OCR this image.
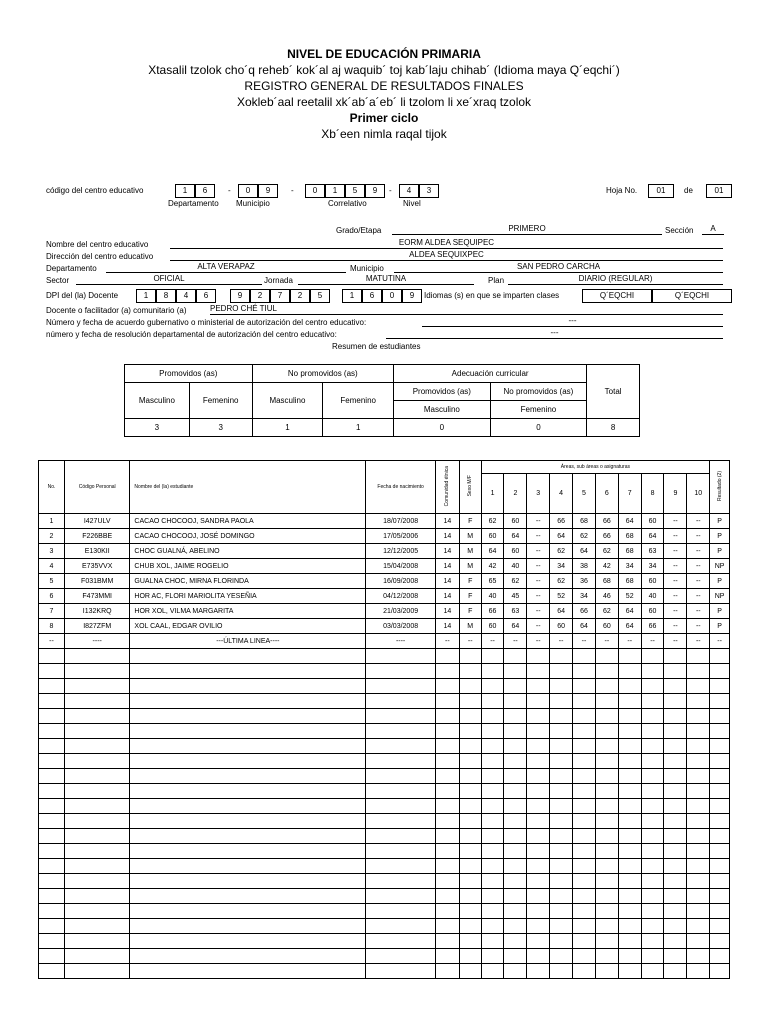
NIVEL DE EDUCACIÓN PRIMARIA
Xtasalil tzolok cho´q reheb´ kok´al aj waquib´ toj kab´laju chihab´ (Idioma maya Q´eqchi´)
REGISTRO GENERAL DE RESULTADOS FINALES
Xokleb´aal reetalil xk´ab´a´eb´ li tzolom li xe´xraq tzolok
Primer ciclo
Xb´een nimla raqal tijok
código del centro educativo	1	6	-	0	9	-	0	1	5	9	-	4	3
Departamento Municipio	Correlativo	Nivel
Hoja No.	01	de	01
Grado/Etapa	PRIMERO	Sección	A
Nombre del centro educativo	EORM ALDEA SEQUIPEC
Dirección del centro educativo	ALDEA SEQUIXPEC
Departamento	ALTA VERAPAZ	Municipio	SAN PEDRO CARCHA
Sector	OFICIAL	Jornada	MATUTINA	Plan	DIARIO (REGULAR)
DPI del (la) Docente	1	8	4	6	9	2	7	2	5	1	6	0	9	Idiomas (s) en que se imparten clases	Q´EQCHI	Q´EQCHI
Docente o facilitador (a) comunitario (a)	PEDRO CHÉ TIUL
Número y fecha de acuerdo gubernativo o ministerial de autorización del centro educativo:	---
número y fecha de resolución departamental de autorización del centro educativo:	---
Resumen de estudiantes
Promovidos (as)		No promovidos (as)		Adecuación curricular		Total
Masculino	Femenino	Masculino	Femenino	Promovidos (as)	No promovidos (as)	
				Masculino	Femenino	
3	3	1	1	0	0	8
No.	Código Personal	Nombre del (la) estudiante	Fecha de nacimiento	Comunidad étnica	Sexo M/F	Áreas, sub áreas o asignaturas										Resultado (2)
						1	2	3	4	5	6	7	8	9	10	
1	I427ULV	CACAO CHOCOOJ, SANDRA PAOLA	18/07/2008	14	F	62	60	--	66	68	66	64	60	--	--	P
2	F226BBE	CACAO CHOCOOJ, JOSÉ DOMINGO	17/05/2006	14	M	60	64	--	64	62	66	68	64	--	--	P
3	E130KII	CHOC GUALNÁ, ABELINO	12/12/2005	14	M	64	60	--	62	64	62	68	63	--	--	P
4	E735VVX	CHUB XOL, JAIME ROGELIO	15/04/2008	14	M	42	40	--	34	38	42	34	34	--	--	NP
5	F031BMM	GUALNA CHOC, MIRNA FLORINDA	16/09/2008	14	F	65	62	--	62	36	68	68	60	--	--	P
6	F473MMI	HOR AC, FLORI MARIOLITA YESEÑIA	04/12/2008	14	F	40	45	--	52	34	46	52	40	--	--	NP
7	I132KRQ	HOR XOL, VILMA MARGARITA	21/03/2009	14	F	66	63	--	64	66	62	64	60	--	--	P
8	I827ZFM	XOL CAAL, EDGAR OVILIO	03/03/2008	14	M	60	64	--	60	64	60	64	66	--	--	P
--	----	---ÚLTIMA LINEA----	----	--	--	--	--	--	--	--	--	--	--	--	--	--
